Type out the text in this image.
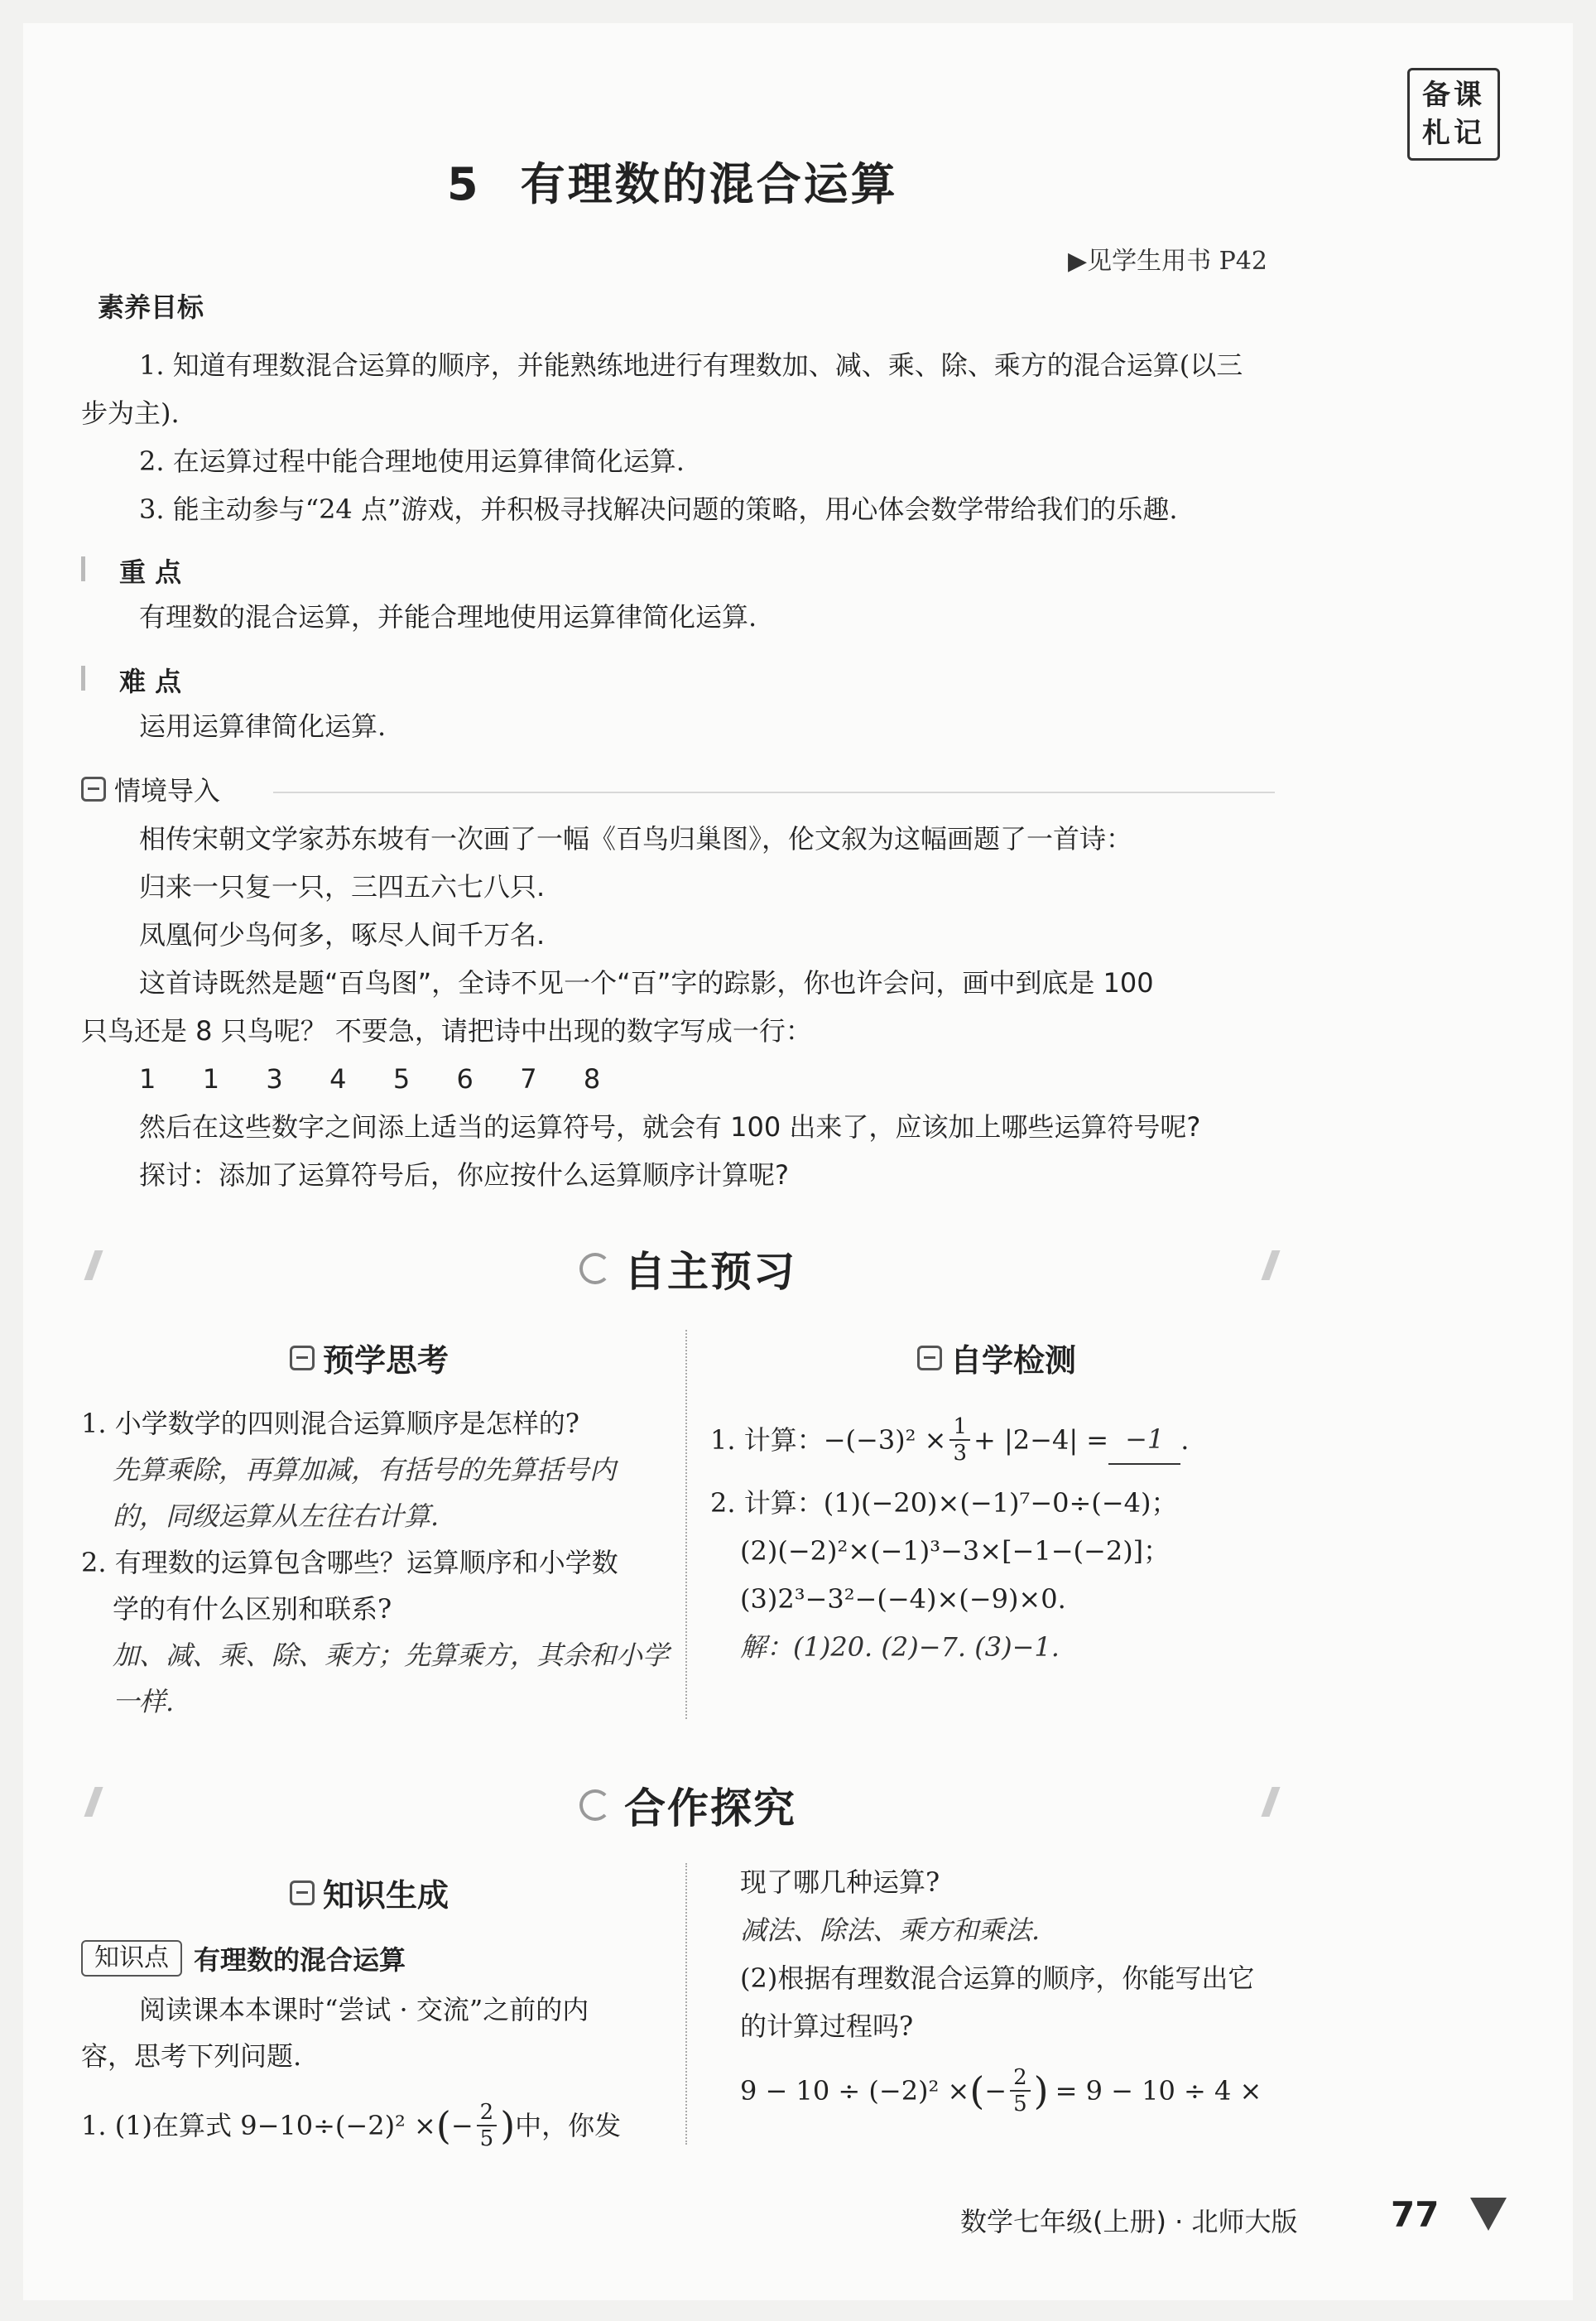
备课
札记
5 有理数的混合运算
▶见学生用书 P42
素养目标
1. 知道有理数混合运算的顺序，并能熟练地进行有理数加、减、乘、除、乘方的混合运算(以三
步为主).
2. 在运算过程中能合理地使用运算律简化运算.
3. 能主动参与“24 点”游戏，并积极寻找解决问题的策略，用心体会数学带给我们的乐趣.
重 点
有理数的混合运算，并能合理地使用运算律简化运算.
难 点
运用运算律简化运算.
情境导入
相传宋朝文学家苏东坡有一次画了一幅《百鸟归巢图》，伦文叙为这幅画题了一首诗：
归来一只复一只，三四五六七八只.
凤凰何少鸟何多，啄尽人间千万名.
这首诗既然是题“百鸟图”，全诗不见一个“百”字的踪影，你也许会问，画中到底是 100
只鸟还是 8 只鸟呢？ 不要急，请把诗中出现的数字写成一行：
1  1  3  4  5  6  7  8
然后在这些数字之间添上适当的运算符号，就会有 100 出来了，应该加上哪些运算符号呢?
探讨：添加了运算符号后，你应按什么运算顺序计算呢?
自主预习
预学思考
1. 小学数学的四则混合运算顺序是怎样的?
先算乘除，再算加减，有括号的先算括号内
的，同级运算从左往右计算.
2. 有理数的运算包含哪些？运算顺序和小学数
学的有什么区别和联系?
加、减、乘、除、乘方；先算乘方，其余和小学
一样.
自学检测
1. 计算：$-(-3)^2 \times \frac{1}{3} + |2-4| = -1$ .
2. 计算：(1)(−20)×(−1)⁷−0÷(−4)；
(2)(−2)²×(−1)³−3×[−1−(−2)]；
(3)2³−3²−(−4)×(−9)×0.
解：(1)20. (2)−7. (3)−1.
合作探究
知识生成
知识点 有理数的混合运算
阅读课本本课时“尝试 · 交流”之前的内
容，思考下列问题.
1. (1)在算式 9−10÷(−2)² × ( − $\frac{2}{5}$ ) 中，你发
现了哪几种运算?
减法、除法、乘方和乘法.
(2)根据有理数混合运算的顺序，你能写出它
的计算过程吗?
9 − 10 ÷ (−2)² × ( − $\frac{2}{5}$ ) = 9 − 10 ÷ 4 ×
数学七年级(上册) · 北师大版	77
